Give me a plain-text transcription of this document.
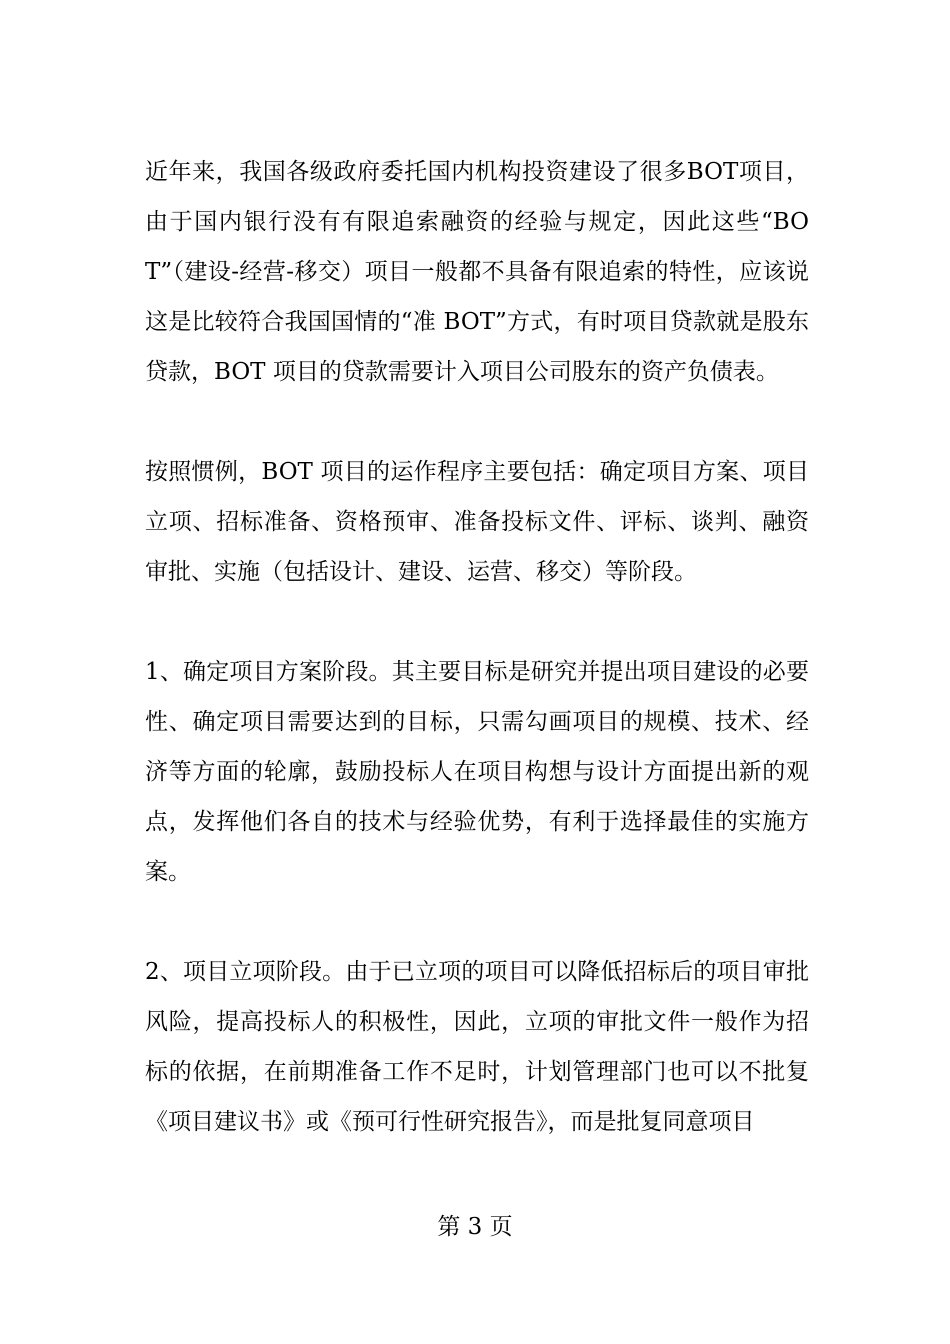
近年来，我国各级政府委托国内机构投资建设了很多BOT项目，由于国内银行没有有限追索融资的经验与规定，因此这些“BOT”（建设-经营-移交）项目一般都不具备有限追索的特性，应该说这是比较符合我国国情的“准 BOT”方式，有时项目贷款就是股东贷款，BOT 项目的贷款需要计入项目公司股东的资产负债表。

按照惯例，BOT 项目的运作程序主要包括：确定项目方案、项目立项、招标准备、资格预审、准备投标文件、评标、谈判、融资审批、实施（包括设计、建设、运营、移交）等阶段。

1、确定项目方案阶段。其主要目标是研究并提出项目建设的必要性、确定项目需要达到的目标，只需勾画项目的规模、技术、经济等方面的轮廓，鼓励投标人在项目构想与设计方面提出新的观点，发挥他们各自的技术与经验优势，有利于选择最佳的实施方案。

2、项目立项阶段。由于已立项的项目可以降低招标后的项目审批风险，提高投标人的积极性，因此，立项的审批文件一般作为招标的依据，在前期准备工作不足时，计划管理部门也可以不批复《项目建议书》或《预可行性研究报告》，而是批复同意项目

第 3 页
